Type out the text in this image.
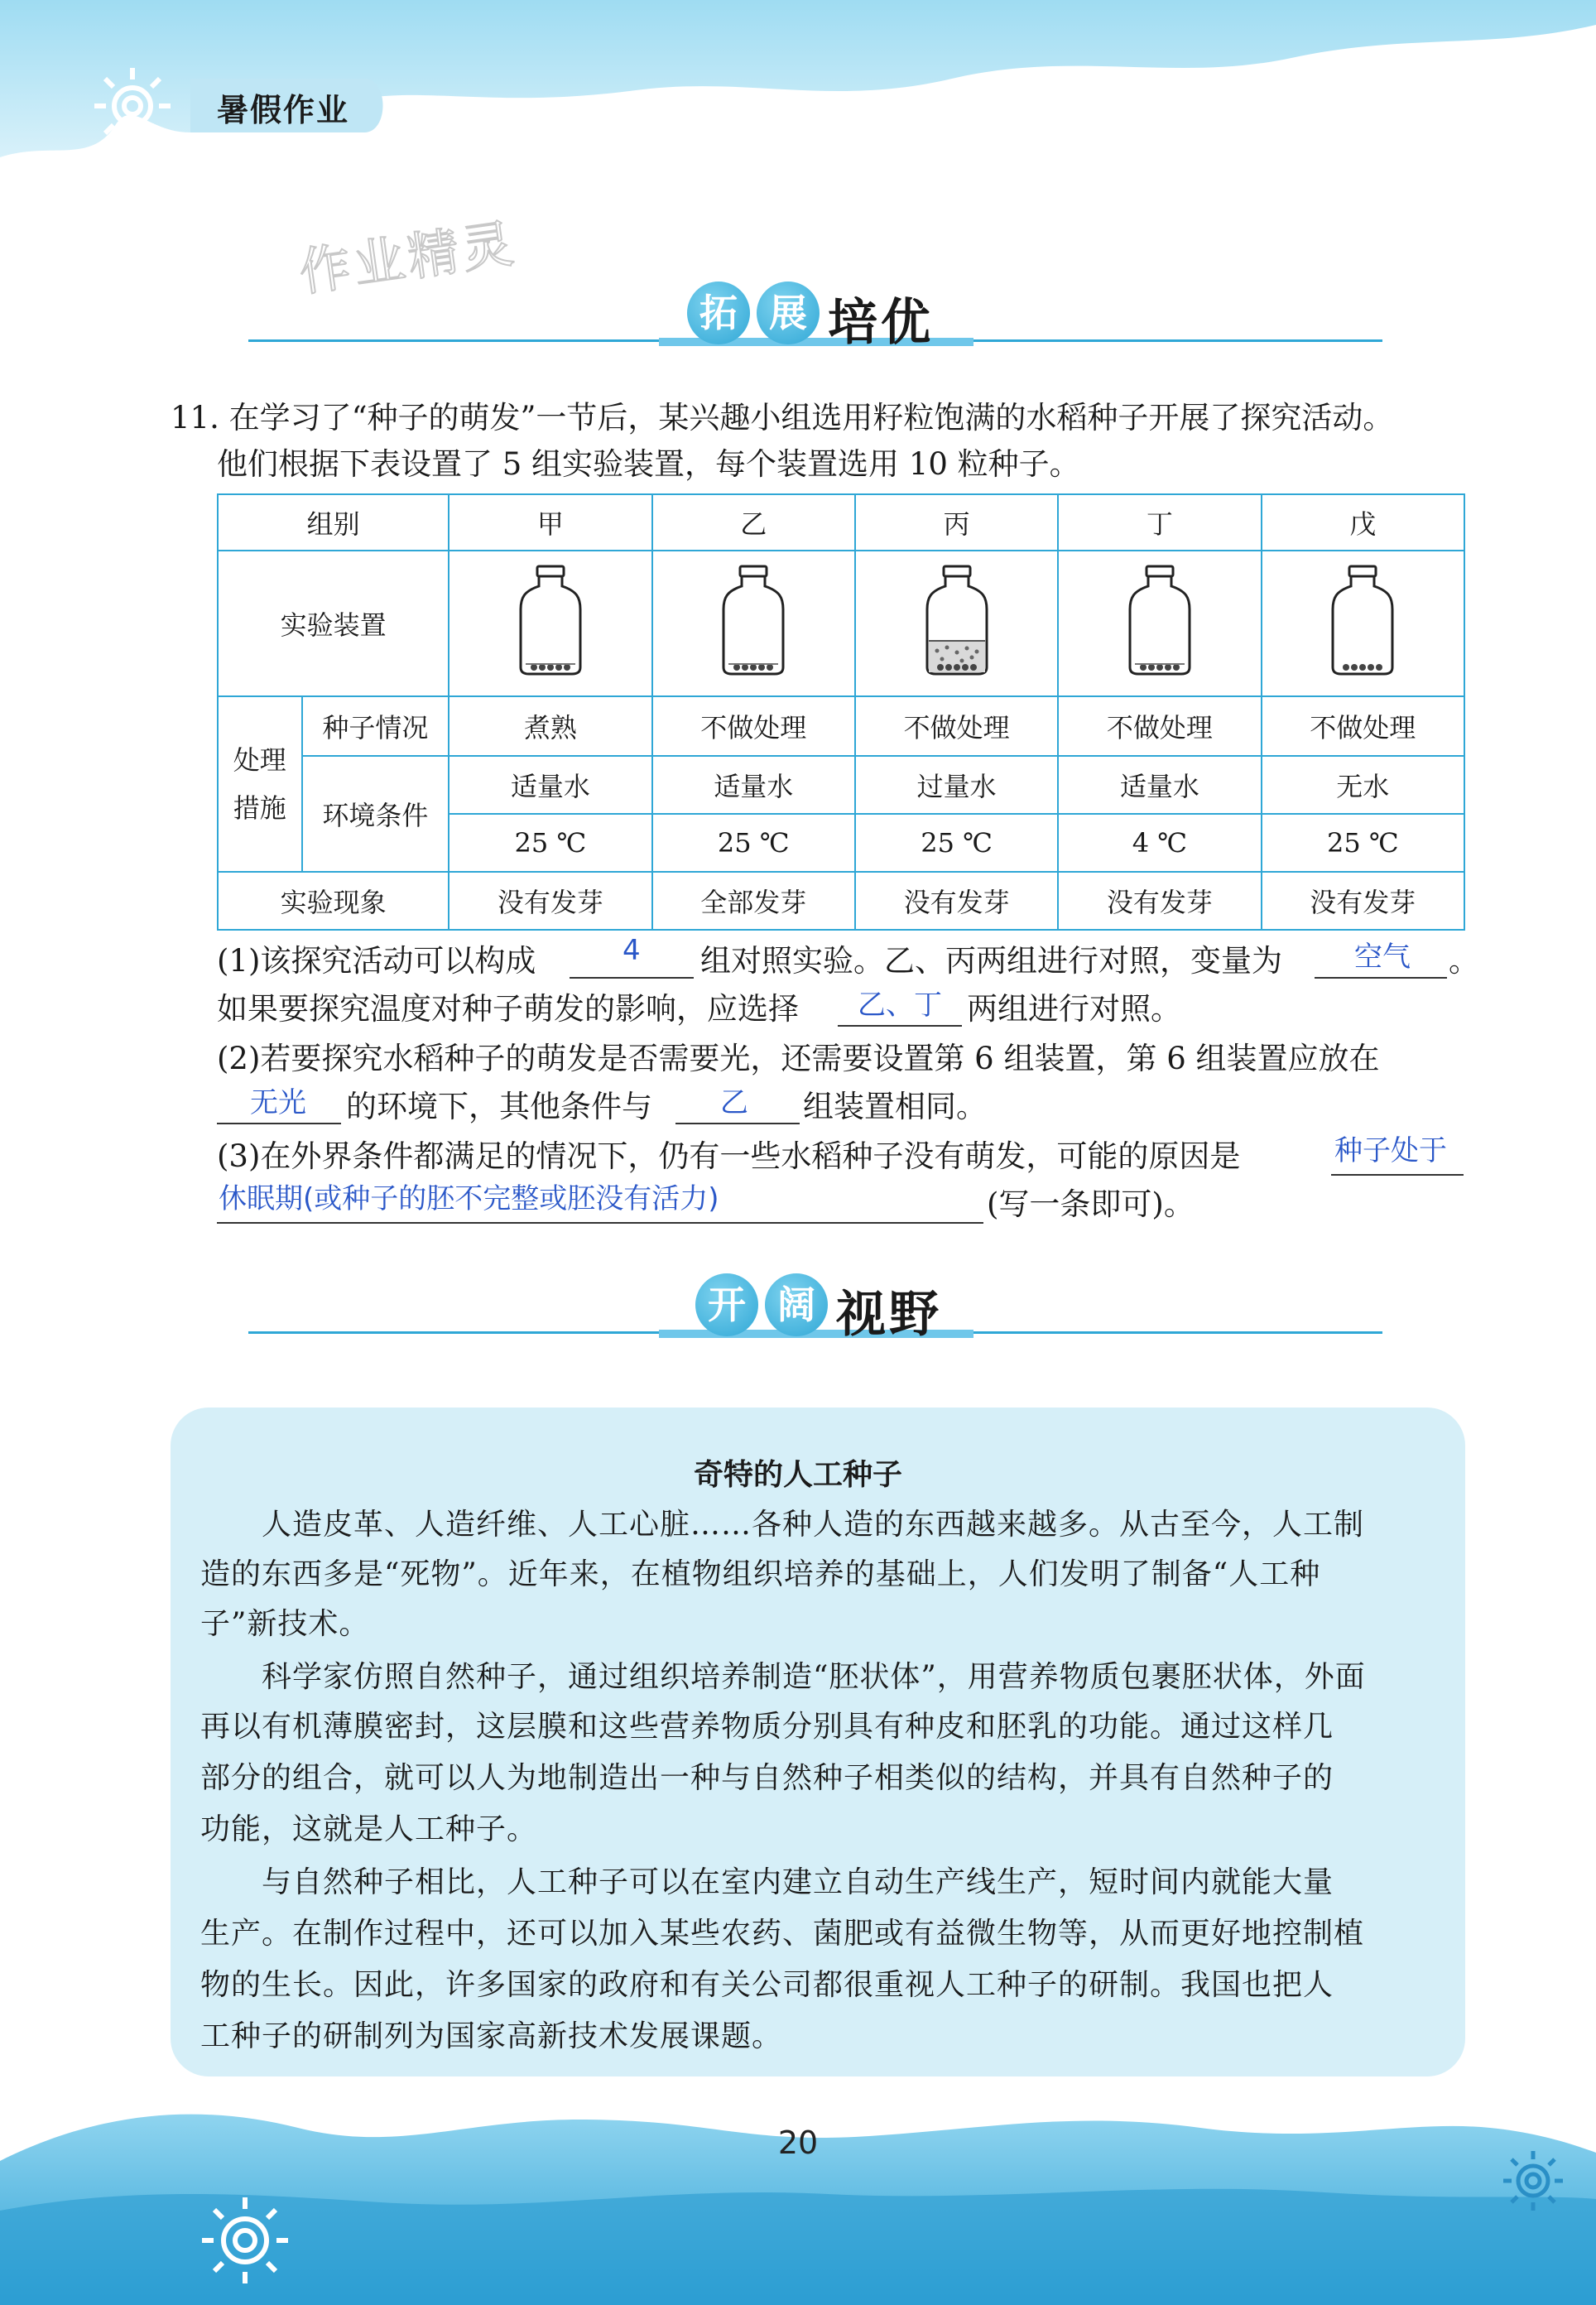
暑假作业
作业精灵
拓 展 培优
11. 在学习了“种子的萌发”一节后，某兴趣小组选用籽粒饱满的水稻种子开展了探究活动。
他们根据下表设置了 5 组实验装置，每个装置选用 10 粒种子。
组别		甲	乙	丙	丁	戊
实验装置					
处理措施	种子情况	煮熟	不做处理	不做处理	不做处理	不做处理
	环境条件	适量水	适量水	过量水	适量水	无水
		25 ℃	25 ℃	25 ℃	4 ℃	25 ℃
实验现象		没有发芽	全部发芽	没有发芽	没有发芽	没有发芽
(1)该探究活动可以构成	4 组对照实验。乙、丙两组进行对照，变量为	空气 。
如果要探究温度对种子萌发的影响，应选择 乙、丁 两组进行对照。
(2)若要探究水稻种子的萌发是否需要光，还需要设置第 6 组装置，第 6 组装置应放在
无光 的环境下，其他条件与 乙 组装置相同。
(3)在外界条件都满足的情况下，仍有一些水稻种子没有萌发，可能的原因是	种子处于
休眠期(或种子的胚不完整或胚没有活力)	(写一条即可)。
开 阔 视野
奇特的人工种子
　　人造皮革、人造纤维、人工心脏……各种人造的东西越来越多。从古至今，人工制
造的东西多是“死物”。近年来，在植物组织培养的基础上，人们发明了制备“人工种
子”新技术。
　　科学家仿照自然种子，通过组织培养制造“胚状体”，用营养物质包裹胚状体，外面
再以有机薄膜密封，这层膜和这些营养物质分别具有种皮和胚乳的功能。通过这样几
部分的组合，就可以人为地制造出一种与自然种子相类似的结构，并具有自然种子的
功能，这就是人工种子。
　　与自然种子相比，人工种子可以在室内建立自动生产线生产，短时间内就能大量
生产。在制作过程中，还可以加入某些农药、菌肥或有益微生物等，从而更好地控制植
物的生长。因此，许多国家的政府和有关公司都很重视人工种子的研制。我国也把人
工种子的研制列为国家高新技术发展课题。
20
